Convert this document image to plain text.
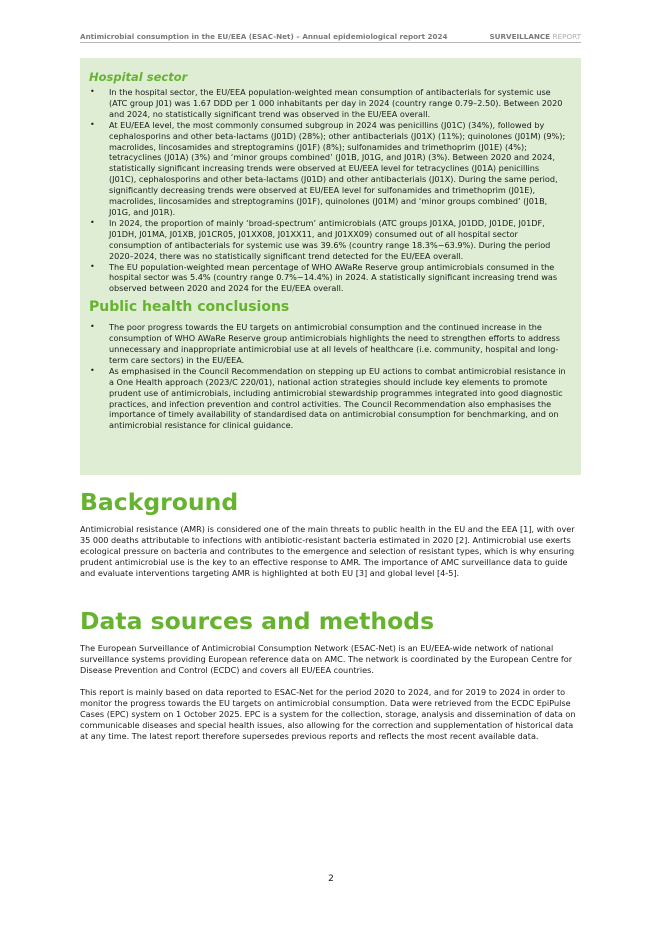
Antimicrobial consumption in the EU/EEA (ESAC-Net) – Annual epidemiological report 2024	SURVEILLANCE REPORT
Hospital sector
• In the hospital sector, the EU/EEA population-weighted mean consumption of antibacterials for systemic use (ATC group J01) was 1.67 DDD per 1 000 inhabitants per day in 2024 (country range 0.79–2.50). Between 2020 and 2024, no statistically significant trend was observed in the EU/EEA overall.
• At EU/EEA level, the most commonly consumed subgroup in 2024 was penicillins (J01C) (34%), followed by cephalosporins and other beta-lactams (J01D) (28%); other antibacterials (J01X) (11%); quinolones (J01M) (9%); macrolides, lincosamides and streptogramins (J01F) (8%); sulfonamides and trimethoprim (J01E) (4%); tetracyclines (J01A) (3%) and ‘minor groups combined’ (J01B, J01G, and J01R) (3%). Between 2020 and 2024, statistically significant increasing trends were observed at EU/EEA level for tetracyclines (J01A) penicillins (J01C), cephalosporins and other beta-lactams (J01D) and other antibacterials (J01X). During the same period, significantly decreasing trends were observed at EU/EEA level for sulfonamides and trimethoprim (J01E), macrolides, lincosamides and streptogramins (J01F), quinolones (J01M) and ‘minor groups combined’ (J01B, J01G, and J01R).
• In 2024, the proportion of mainly ‘broad-spectrum’ antimicrobials (ATC groups J01XA, J01DD, J01DE, J01DF, J01DH, J01MA, J01XB, J01CR05, J01XX08, J01XX11, and J01XX09) consumed out of all hospital sector consumption of antibacterials for systemic use was 39.6% (country range 18.3%−63.9%). During the period 2020–2024, there was no statistically significant trend detected for the EU/EEA overall.
• The EU population-weighted mean percentage of WHO AWaRe Reserve group antimicrobials consumed in the hospital sector was 5.4% (country range 0.7%−14.4%) in 2024. A statistically significant increasing trend was observed between 2020 and 2024 for the EU/EEA overall.
Public health conclusions
• The poor progress towards the EU targets on antimicrobial consumption and the continued increase in the consumption of WHO AWaRe Reserve group antimicrobials highlights the need to strengthen efforts to address unnecessary and inappropriate antimicrobial use at all levels of healthcare (i.e. community, hospital and long-term care sectors) in the EU/EEA.
• As emphasised in the Council Recommendation on stepping up EU actions to combat antimicrobial resistance in a One Health approach (2023/C 220/01), national action strategies should include key elements to promote prudent use of antimicrobials, including antimicrobial stewardship programmes integrated into good diagnostic practices, and infection prevention and control activities. The Council Recommendation also emphasises the importance of timely availability of standardised data on antimicrobial consumption for benchmarking, and on antimicrobial resistance for clinical guidance.
Background

Antimicrobial resistance (AMR) is considered one of the main threats to public health in the EU and the EEA [1], with over 35 000 deaths attributable to infections with antibiotic-resistant bacteria estimated in 2020 [2]. Antimicrobial use exerts ecological pressure on bacteria and contributes to the emergence and selection of resistant types, which is why ensuring prudent antimicrobial use is the key to an effective response to AMR. The importance of AMC surveillance data to guide and evaluate interventions targeting AMR is highlighted at both EU [3] and global level [4-5].

Data sources and methods

The European Surveillance of Antimicrobial Consumption Network (ESAC-Net) is an EU/EEA-wide network of national surveillance systems providing European reference data on AMC. The network is coordinated by the European Centre for Disease Prevention and Control (ECDC) and covers all EU/EEA countries.

This report is mainly based on data reported to ESAC-Net for the period 2020 to 2024, and for 2019 to 2024 in order to monitor the progress towards the EU targets on antimicrobial consumption. Data were retrieved from the ECDC EpiPulse Cases (EPC) system on 1 October 2025. EPC is a system for the collection, storage, analysis and dissemination of data on communicable diseases and special health issues, also allowing for the correction and supplementation of historical data at any time. The latest report therefore supersedes previous reports and reflects the most recent available data.

2
